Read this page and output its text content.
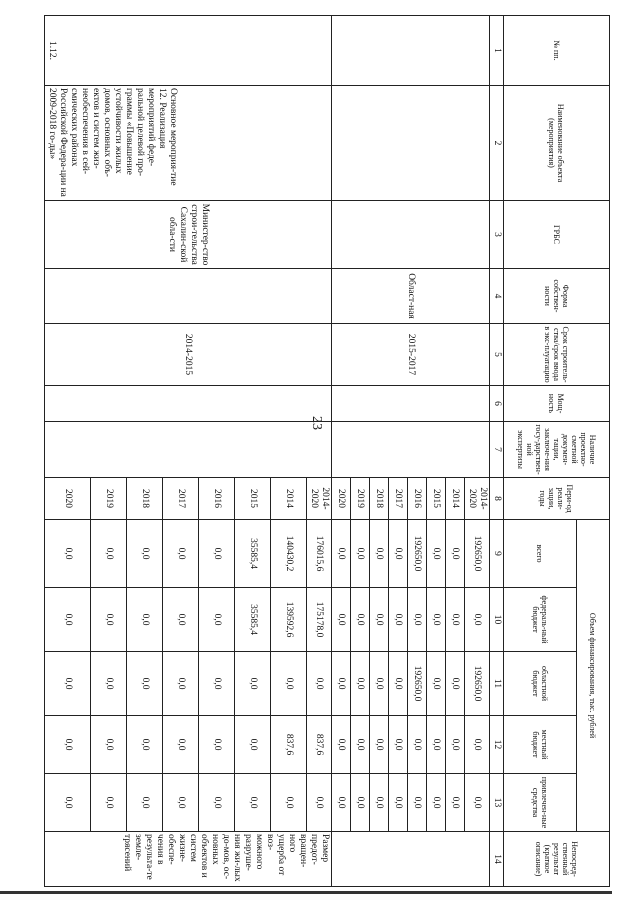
23
№ пп.	Наименование объекта (мероприятия)	ГРБС	Форма собствен-ности	Срок строитель-ства/срок ввода в экс-плуатацию	Мощ-ность	Наличие проектно-сметной докумен-тации, заключе-ния госу-дарствен-ной экспертизы	Пери-од реали-зации, годы	Объем финансирования, тыс. рублей					Непосред-ственный результат (краткое описание)
								всего	федераль-ный бюджет	областной бюджет	местный бюджет	привлечен-ные средства	
1	2	3	4	5	6	7	8	9	10	11	12	13	14
			Област-ная	2015-2017			2014-2020	192650,0	0,0	192650,0	0,0	0,0	
							2014	0,0	0,0	0,0	0,0	0,0	
							2015	0,0	0,0	0,0	0,0	0,0	
							2016	192650,0	0,0	192650,0	0,0	0,0	
							2017	0,0	0,0	0,0	0,0	0,0	
							2018	0,0	0,0	0,0	0,0	0,0	
							2019	0,0	0,0	0,0	0,0	0,0	
							2020	0,0	0,0	0,0	0,0	0,0	
1.12.	Основное мероприя-тие 12. Реализация мероприятий феде-ральной целевой про-граммы «Повышение устойчивости жилых домов, основных объ-ектов и систем жиз-необеспечения в сей-смических районах Российской Федера-ции на 2009-2018 го-ды»	Министер-ство строи-тельства Сахалин-ской обла-сти		2014-2015			2014-2020	176015,6	175178,0	0,0	837,6	0,0	Размер предот-вращен-ного ущерба от воз-можного разруше-ния жи-лых до-мов, ос-новных объектов и систем жизне-обеспе-чения в результа-те земле-трясений
							2014	140430,2	139592,6	0,0	837,6	0,0	
							2015	35585,4	35585,4	0,0	0,0	0,0	
							2016	0,0	0,0	0,0	0,0	0,0	
							2017	0,0	0,0	0,0	0,0	0,0	
							2018	0,0	0,0	0,0	0,0	0,0	
							2019	0,0	0,0	0,0	0,0	0,0	
							2020	0,0	0,0	0,0	0,0	0,0	
